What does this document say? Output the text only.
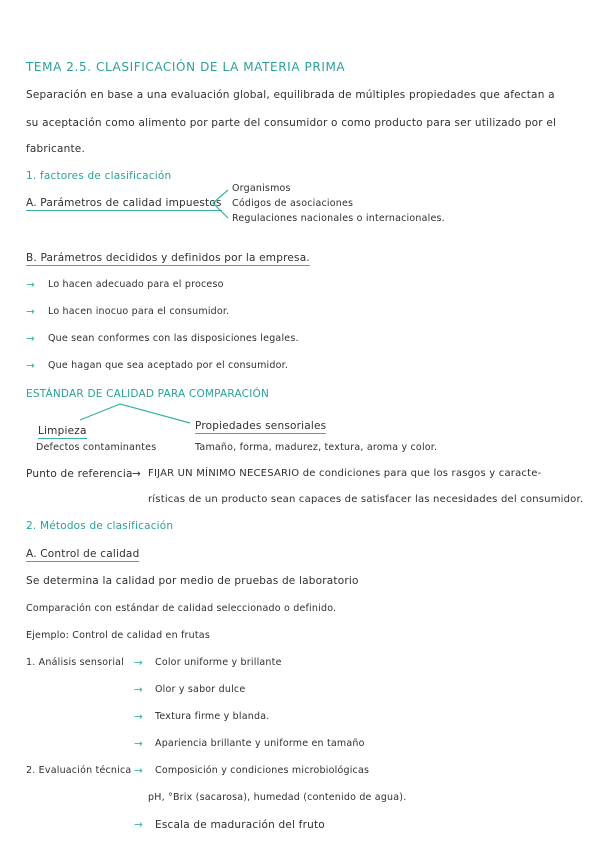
TEMA 2.5. CLASIFICACIÓN DE LA MATERIA PRIMA
Separación en base a una evaluación global, equilibrada de múltiples propiedades que afectan a
su aceptación como alimento por parte del consumidor o como producto para ser utilizado por el
fabricante.
1. factores de clasificación
A. Parámetros de calidad impuestos
Organismos
Códigos de asociaciones
Regulaciones nacionales o internacionales.
B. Parámetros decididos y definidos por la empresa.
→ Lo hacen adecuado para el proceso
→ Lo hacen inocuo para el consumidor.
→ Que sean conformes con las disposiciones legales.
→ Que hagan que sea aceptado por el consumidor.
ESTÁNDAR DE CALIDAD PARA COMPARACIÓN
Limpieza
Defectos contaminantes
Propiedades sensoriales
Tamaño, forma, madurez, textura, aroma y color.
Punto de referencia → FIJAR UN MÍNIMO NECESARIO de condiciones para que los rasgos y caracte-
rísticas de un producto sean capaces de satisfacer las necesidades del consumidor.
2. Métodos de clasificación
A. Control de calidad
Se determina la calidad por medio de pruebas de laboratorio
Comparación con estándar de calidad seleccionado o definido.
Ejemplo: Control de calidad en frutas
1. Análisis sensorial → Color uniforme y brillante
→ Olor y sabor dulce
→ Textura firme y blanda.
→ Apariencia brillante y uniforme en tamaño
2. Evaluación técnica → Composición y condiciones microbiológicas
pH, °Brix (sacarosa), humedad (contenido de agua).
→ Escala de maduración del fruto
